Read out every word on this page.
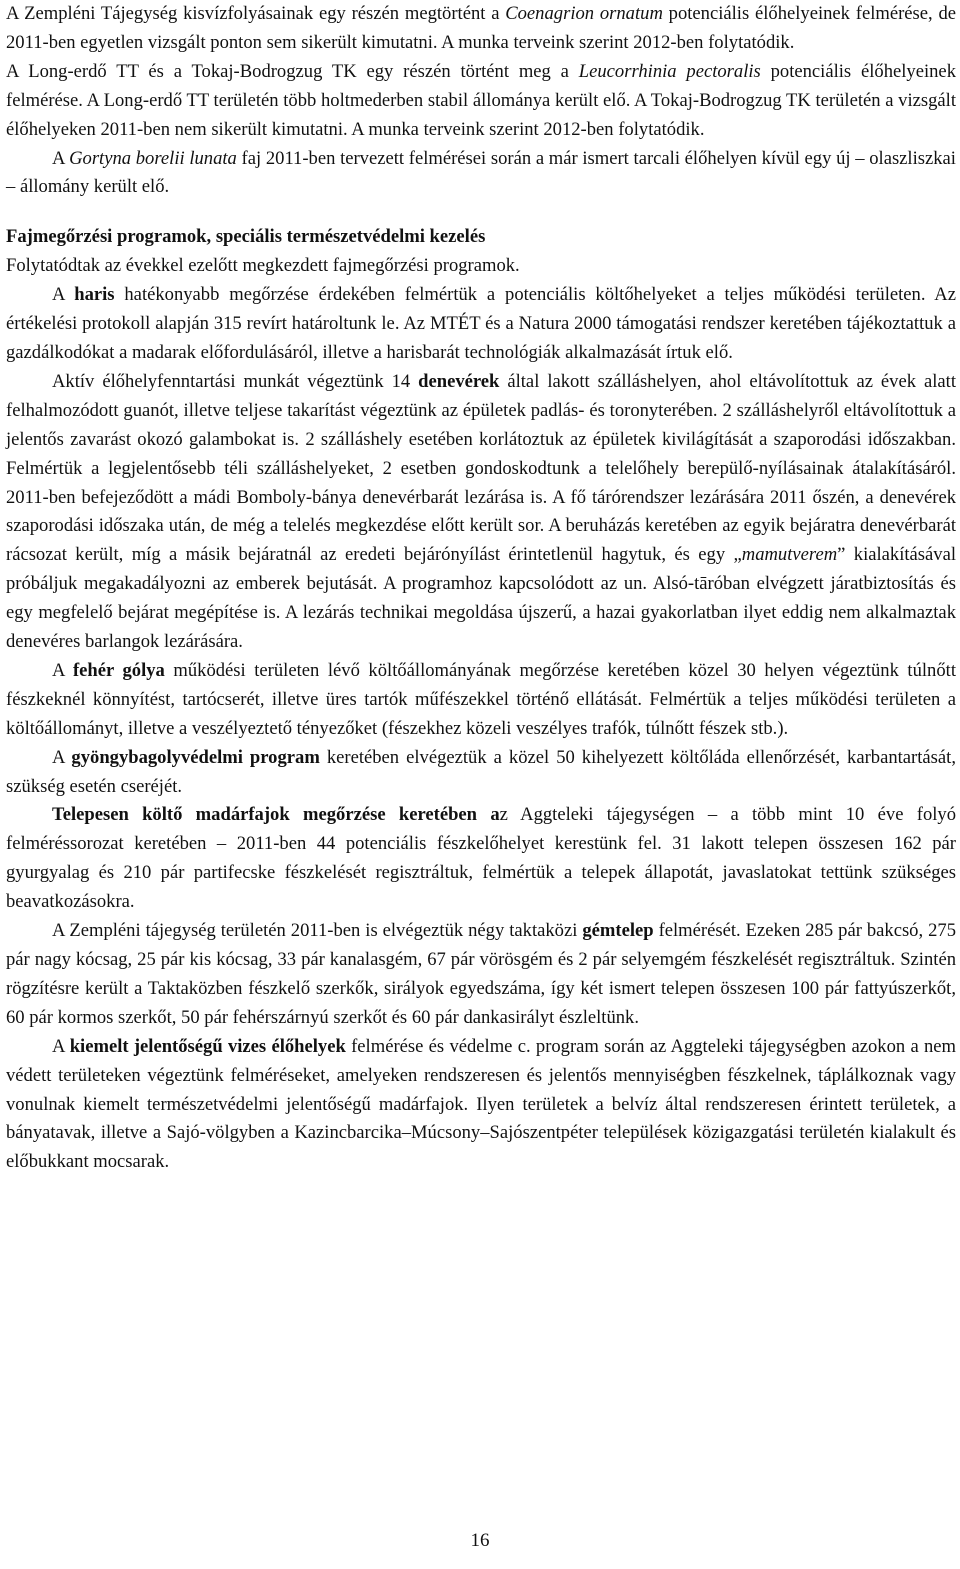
A Zempléni Tájegység kisvízfolyásainak egy részén megtörtént a Coenagrion ornatum potenciális élőhelyeinek felmérése, de 2011-ben egyetlen vizsgált ponton sem sikerült kimutatni. A munka terveink szerint 2012-ben folytatódik.

A Long-erdő TT és a Tokaj-Bodrogzug TK egy részén történt meg a Leucorrhinia pectoralis potenciális élőhelyeinek felmérése. A Long-erdő TT területén több holtmederben stabil állománya került elő. A Tokaj-Bodrogzug TK területén a vizsgált élőhelyeken 2011-ben nem sikerült kimutatni. A munka terveink szerint 2012-ben folytatódik.

A Gortyna borelii lunata faj 2011-ben tervezett felmérései során a már ismert tarcali élőhelyen kívül egy új – olaszliszkai – állomány került elő.

Fajmegőrzési programok, speciális természetvédelmi kezelés

Folytatódtak az évekkel ezelőtt megkezdett fajmegőrzési programok.

A haris hatékonyabb megőrzése érdekében felmértük a potenciális költőhelyeket a teljes működési területen. Az értékelési protokoll alapján 315 revírt határoltunk le. Az MTÉT és a Natura 2000 támogatási rendszer keretében tájékoztattuk a gazdálkodókat a madarak előfordulásáról, illetve a harisbarát technológiák alkalmazását írtuk elő.

Aktív élőhelyfenntartási munkát végeztünk 14 denevérek által lakott szálláshelyen, ahol eltávolítottuk az évek alatt felhalmozódott guanót, illetve teljese takarítást végeztünk az épületek padlás- és toronyterében. 2 szálláshelyről eltávolítottuk a jelentős zavarást okozó galambokat is. 2 szálláshely esetében korlátoztuk az épületek kivilágítását a szaporodási időszakban. Felmértük a legjelentősebb téli szálláshelyeket, 2 esetben gondoskodtunk a telelőhely berepülő-nyílásainak átalakításáról. 2011-ben befejeződött a mádi Bomboly-bánya denevérbarát lezárása is. A fő tárórendszer lezárására 2011 őszén, a denevérek szaporodási időszaka után, de még a telelés megkezdése előtt került sor. A beruházás keretében az egyik bejáratra denevérbarát rácsozat került, míg a másik bejáratnál az eredeti bejárónyílást érintetlenül hagytuk, és egy „mamutverem” kialakításával próbáljuk megakadályozni az emberek bejutását. A programhoz kapcsolódott az un. Alsó-tāróban elvégzett járatbiztosítás és egy megfelelő bejárat megépítése is. A lezárás technikai megoldása újszerű, a hazai gyakorlatban ilyet eddig nem alkalmaztak denevéres barlangok lezárására.

A fehér gólya működési területen lévő költőállományának megőrzése keretében közel 30 helyen végeztünk túlnőtt fészkeknél könnyítést, tartócserét, illetve üres tartók műfészekkel történő ellátását. Felmértük a teljes működési területen a költőállományt, illetve a veszélyeztető tényezőket (fészekhez közeli veszélyes trafók, túlnőtt fészek stb.).

A gyöngybagolyvédelmi program keretében elvégeztük a közel 50 kihelyezett költőláda ellenőrzését, karbantartását, szükség esetén cseréjét.

Telepesen költő madárfajok megőrzése keretében az Aggteleki tájegységen – a több mint 10 éve folyó felméréssorozat keretében – 2011-ben 44 potenciális fészkelőhelyet kerestünk fel. 31 lakott telepen összesen 162 pár gyurgyalag és 210 pár partifecske fészkelését regisztráltuk, felmértük a telepek állapotát, javaslatokat tettünk szükséges beavatkozásokra.

A Zempléni tájegység területén 2011-ben is elvégeztük négy taktaközi gémtelep felmérését. Ezeken 285 pár bakcsó, 275 pár nagy kócsag, 25 pár kis kócsag, 33 pár kanalasgém, 67 pár vörösgém és 2 pár selyemgém fészkelését regisztráltuk. Szintén rögzítésre került a Taktaközben fészkelő szerkők, sirályok egyedszáma, így két ismert telepen összesen 100 pár fattyúszerkőt, 60 pár kormos szerkőt, 50 pár fehérszárnyú szerkőt és 60 pár dankasirályt észleltünk.

A kiemelt jelentőségű vizes élőhelyek felmérése és védelme c. program során az Aggteleki tájegységben azokon a nem védett területeken végeztünk felméréseket, amelyeken rendszeresen és jelentős mennyiségben fészkelnek, táplálkoznak vagy vonulnak kiemelt természetvédelmi jelentőségű madárfajok. Ilyen területek a belvíz által rendszeresen érintett területek, a bányatavak, illetve a Sajó-völgyben a Kazincbarcika–Múcsony–Sajószentpéter települések közigazgatási területén kialakult és előbukkant mocsarak.

16
